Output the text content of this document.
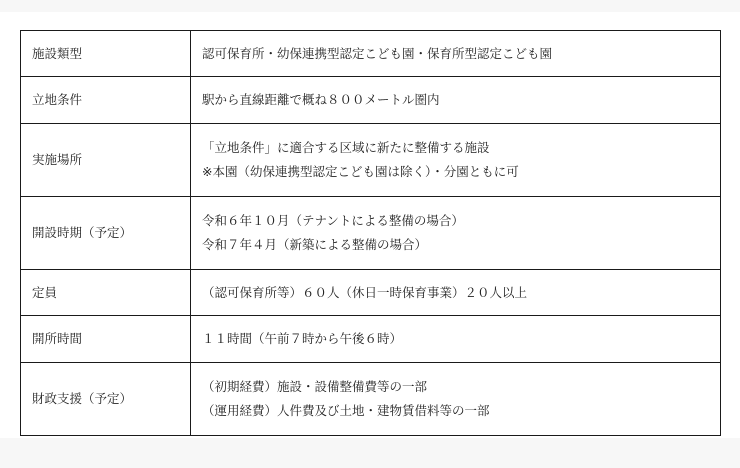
施設類型	認可保育所・幼保連携型認定こども園・保育所型認定こども園

立地条件	駅から直線距離で概ね８００メートル圏内

実施場所	「立地条件」に適合する区域に新たに整備する施設
※本園（幼保連携型認定こども園は除く）・分園ともに可

開設時期（予定）	令和６年１０月（テナントによる整備の場合）
令和７年４月（新築による整備の場合）

定員	（認可保育所等）６０人（休日一時保育事業）２０人以上

開所時間	１１時間（午前７時から午後６時）

財政支援（予定）	（初期経費）施設・設備整備費等の一部
（運用経費）人件費及び土地・建物賃借料等の一部
